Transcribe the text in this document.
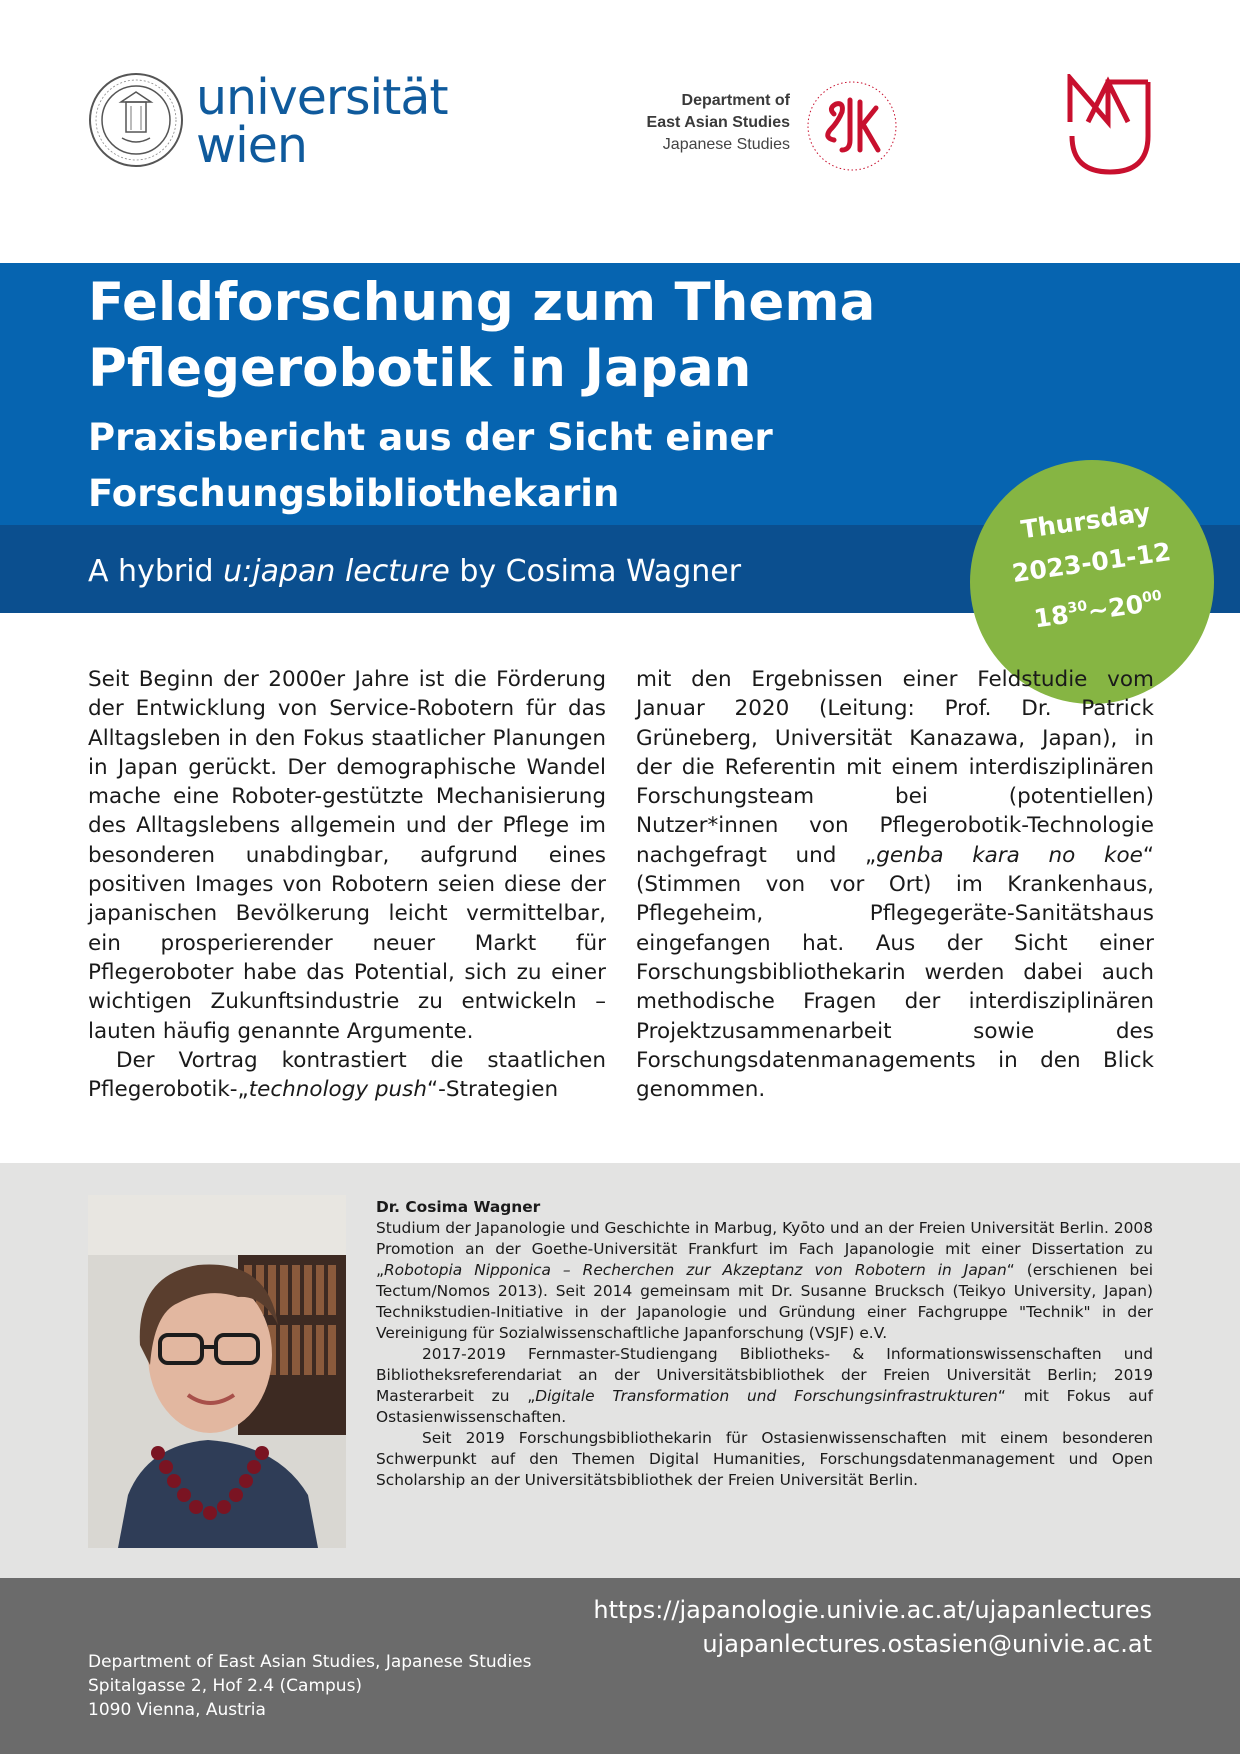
universität
wien
Department of
East Asian Studies
Japanese Studies
Feldforschung zum Thema
Pflegerobotik in Japan
Praxisbericht aus der Sicht einer
Forschungsbibliothekarin
A hybrid u:japan lecture by Cosima Wagner
Thursday
2023-01-12
$18^{30}\sim 20^{00}$

Seit Beginn der 2000er Jahre ist die Förderung der Entwicklung von Service-Robotern für das Alltagsleben in den Fokus staatlicher Planungen in Japan gerückt. Der demographische Wandel mache eine Roboter-gestützte Mechanisierung des Alltagslebens allgemein und der Pflege im besonderen unabdingbar, aufgrund eines positiven Images von Robotern seien diese der japanischen Bevölkerung leicht vermittelbar, ein prosperierender neuer Markt für Pflegeroboter habe das Potential, sich zu einer wichtigen Zukunftsindustrie zu entwickeln – lauten häufig genannte Argumente.

Der Vortrag kontrastiert die staatlichen Pflegerobotik-„technology push“-Strategien

mit den Ergebnissen einer Feldstudie vom Januar 2020 (Leitung: Prof. Dr. Patrick Grüneberg, Universität Kanazawa, Japan), in der die Referentin mit einem interdisziplinären Forschungsteam bei (potentiellen) Nutzer*innen von Pflegerobotik-Technologie nachgefragt und „genba kara no koe“ (Stimmen von vor Ort) im Krankenhaus, Pflegeheim, Pflegegeräte-Sanitätshaus eingefangen hat. Aus der Sicht einer Forschungsbibliothekarin werden dabei auch methodische Fragen der interdisziplinären Projektzusammenarbeit sowie des Forschungsdatenmanagements in den Blick genommen.

Dr. Cosima Wagner

Studium der Japanologie und Geschichte in Marbug, Kyōto und an der Freien Universität Berlin. 2008 Promotion an der Goethe-Universität Frankfurt im Fach Japanologie mit einer Dissertation zu „Robotopia Nipponica – Recherchen zur Akzeptanz von Robotern in Japan“ (erschienen bei Tectum/Nomos 2013). Seit 2014 gemeinsam mit Dr. Susanne Brucksch (Teikyo University, Japan) Technikstudien-Initiative in der Japanologie und Gründung einer Fachgruppe "Technik" in der Vereinigung für Sozialwissenschaftliche Japanforschung (VSJF) e.V.

2017-2019 Fernmaster-Studiengang Bibliotheks- & Informationswissenschaften und Bibliotheksreferendariat an der Universitätsbibliothek der Freien Universität Berlin; 2019 Masterarbeit zu „Digitale Transformation und Forschungsinfrastrukturen“ mit Fokus auf Ostasienwissenschaften.

Seit 2019 Forschungsbibliothekarin für Ostasienwissenschaften mit einem besonderen Schwerpunkt auf den Themen Digital Humanities, Forschungsdatenmanagement und Open Scholarship an der Universitätsbibliothek der Freien Universität Berlin.

https://japanologie.univie.ac.at/ujapanlectures
ujapanlectures.ostasien@univie.ac.at
Department of East Asian Studies, Japanese Studies
Spitalgasse 2, Hof 2.4 (Campus)
1090 Vienna, Austria
